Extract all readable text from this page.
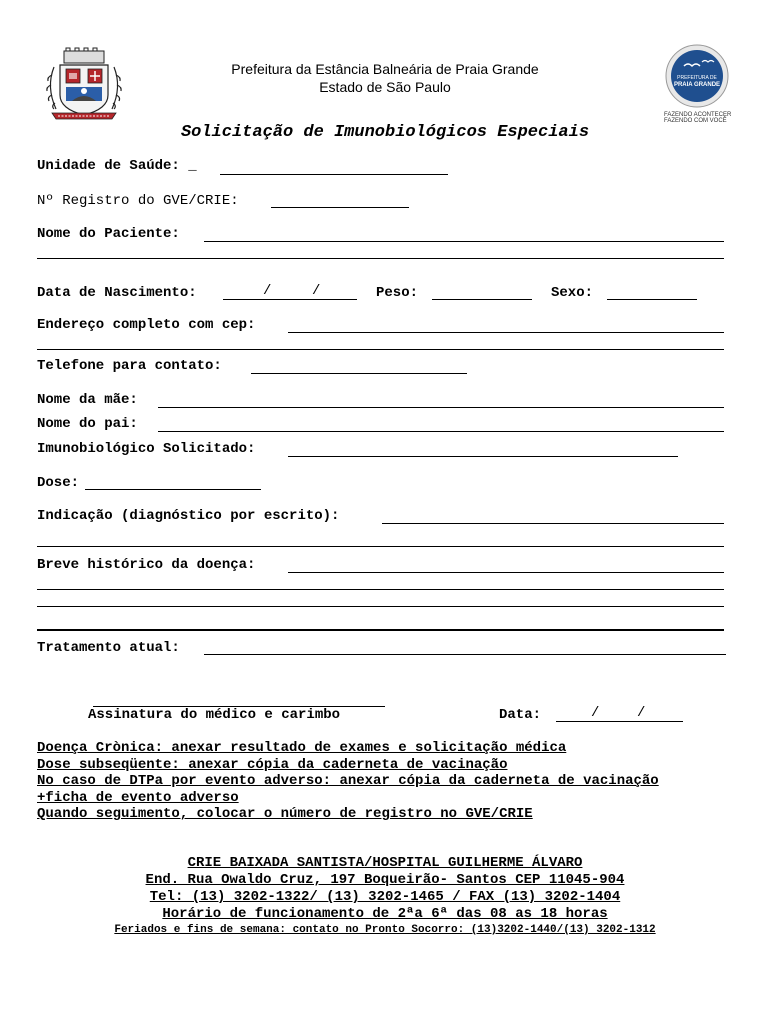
Prefeitura da Estância Balneária de Praia Grande
Estado de São Paulo
PREFEITURA DE
PRAIA GRANDE
FAZENDO ACONTECER
FAZENDO COM VOCÊ
Solicitação de Imunobiológicos Especiais
Unidade de Saúde: _
Nº Registro do GVE/CRIE:
Nome do Paciente:
Data de Nascimento:	/	/	Peso:	Sexo:
Endereço completo com cep:
Telefone para contato:
Nome da mãe:
Nome do pai:
Imunobiológico Solicitado:
Dose:
Indicação (diagnóstico por escrito):
Breve histórico da doença:
Tratamento atual:
Assinatura do médico e carimbo	Data:	/	/
Doença Crònica: anexar resultado de exames e solicitação médica
Dose subseqüente: anexar cópia da caderneta de vacinação
No caso de DTPa por evento adverso: anexar cópia da caderneta de vacinação
+ficha de evento adverso
Quando seguimento, colocar o número de registro no GVE/CRIE
CRIE BAIXADA SANTISTA/HOSPITAL GUILHERME ÁLVARO
End. Rua Owaldo Cruz, 197 Boqueirão- Santos CEP 11045-904
Tel: (13) 3202-1322/ (13) 3202-1465 / FAX (13) 3202-1404
Horário de funcionamento de 2ªa 6ª das 08 as 18 horas
Feriados e fins de semana: contato no Pronto Socorro: (13)3202-1440/(13) 3202-1312
